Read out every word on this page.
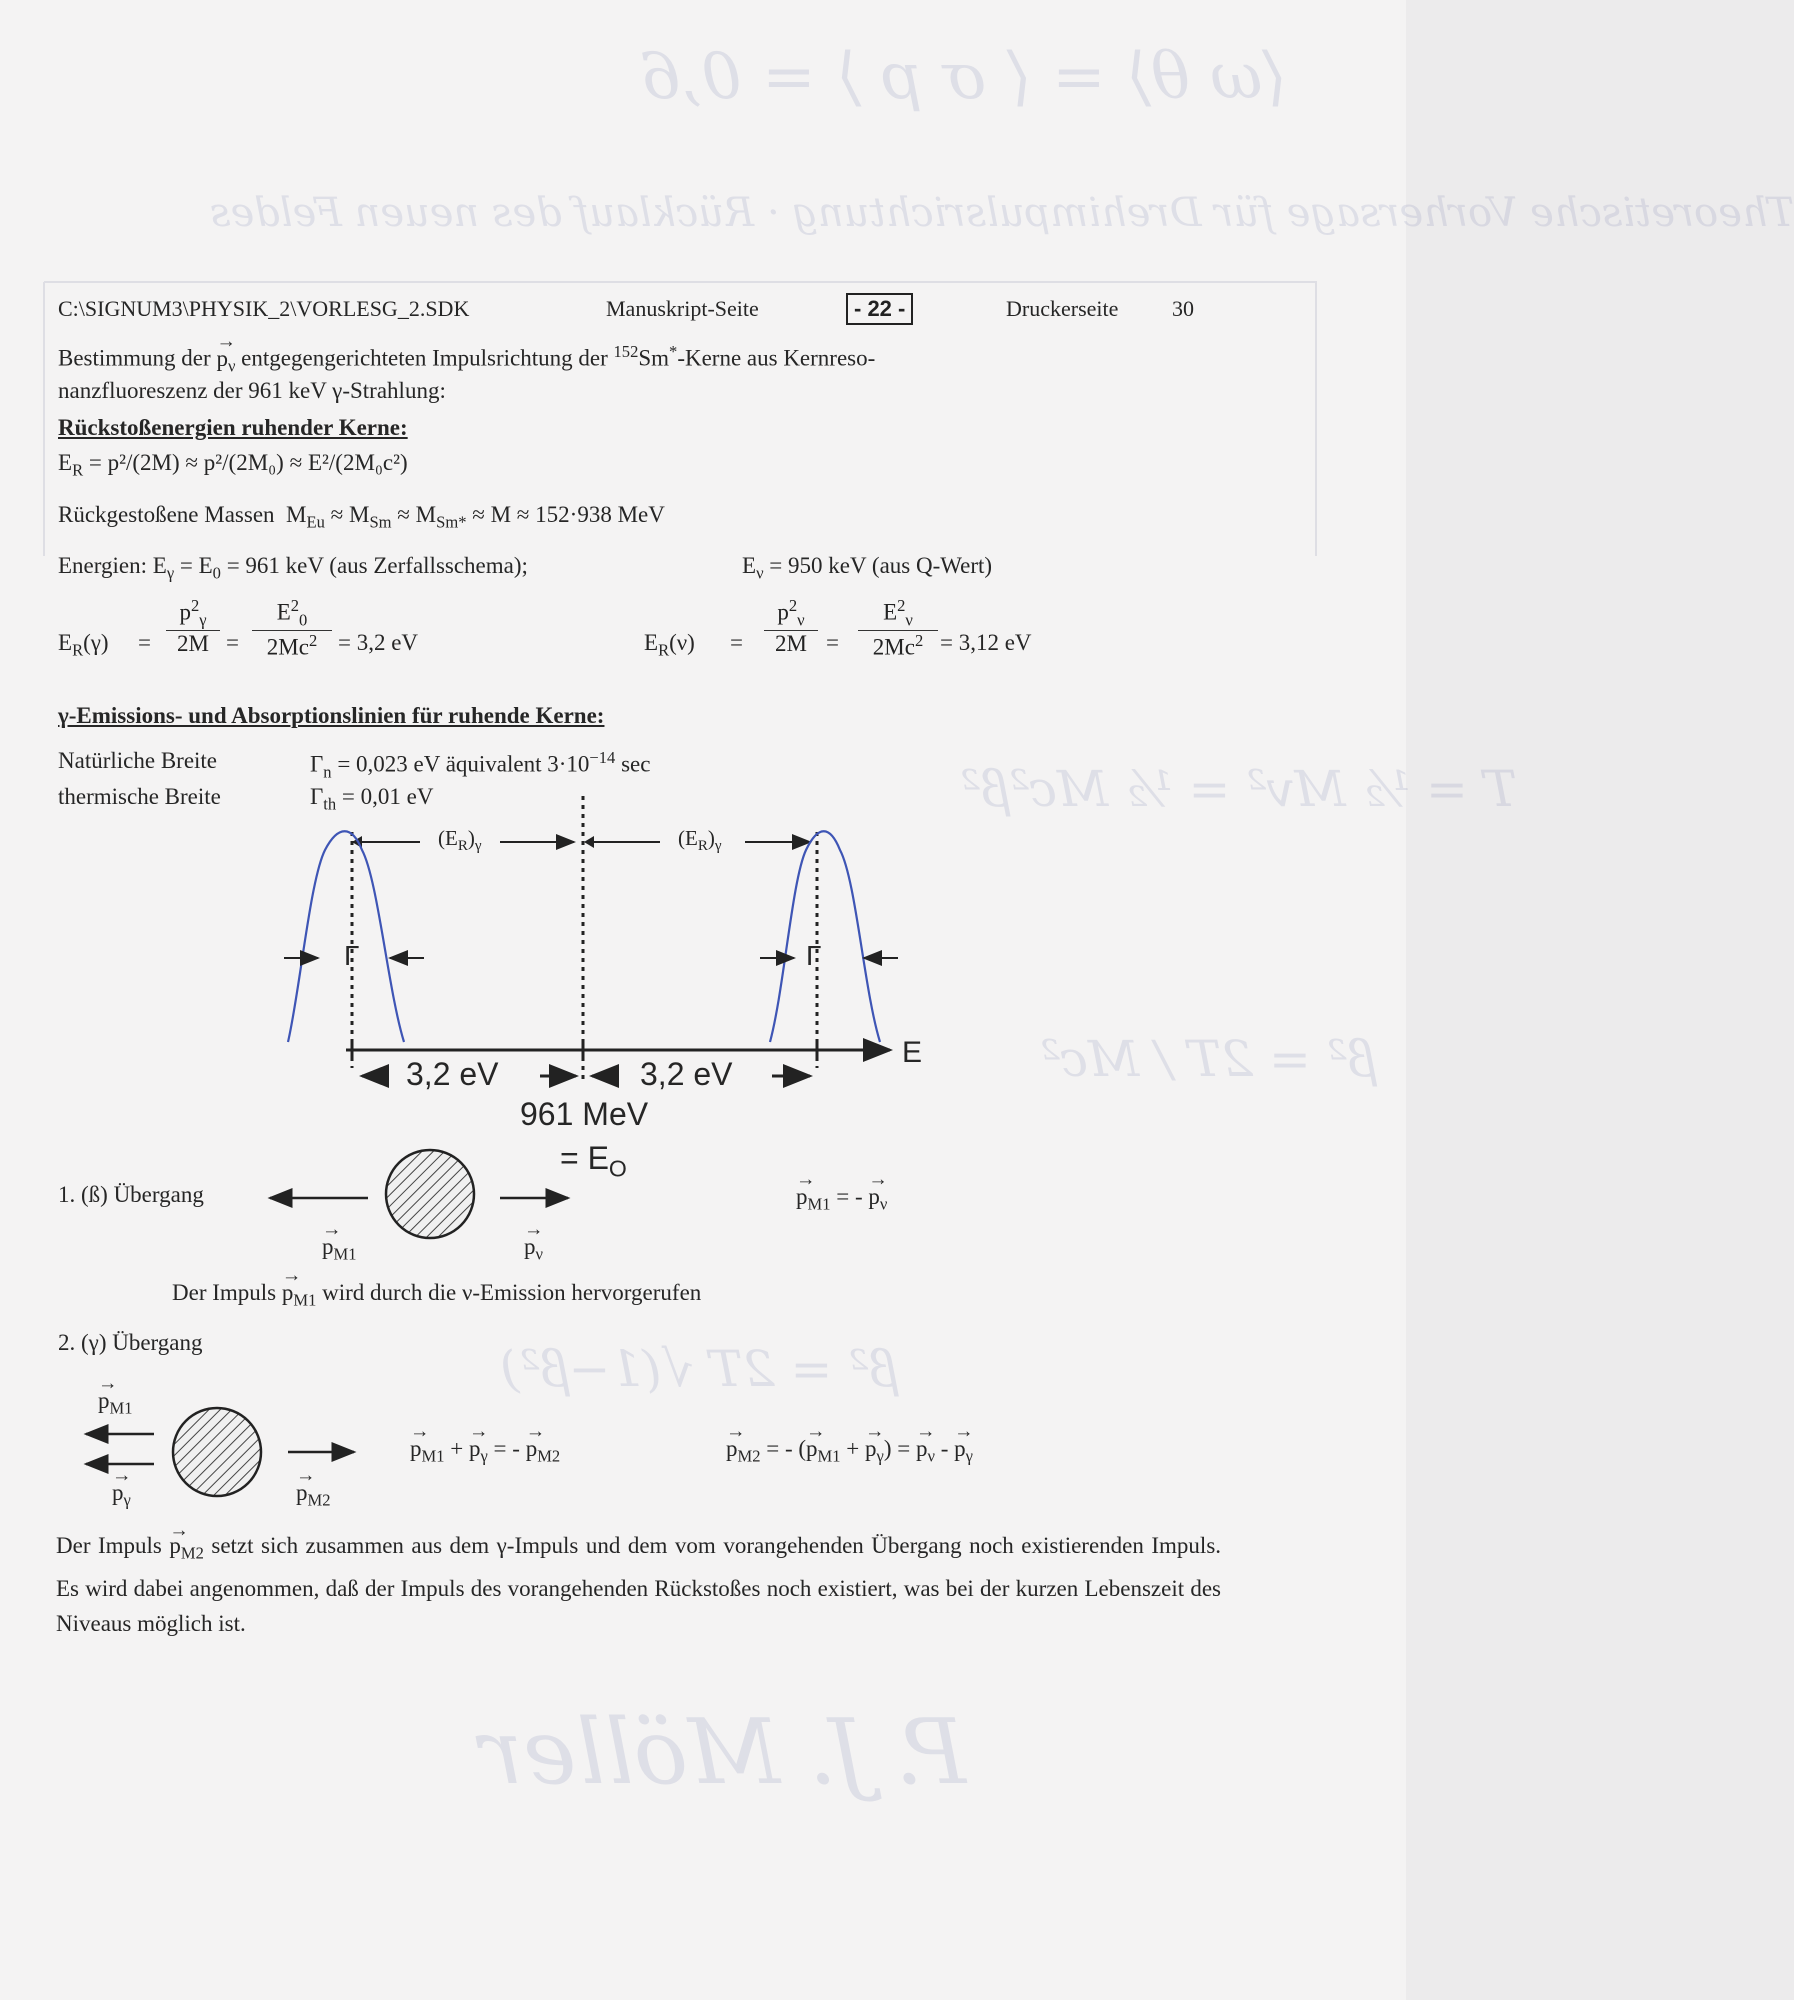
⟨ω θ⟩ = ⟨ σ p ⟩ = 0,6
Theoretische Vorhersage für Drehimpulsrichtung · Rücklauf des neuen Feldes
T = ½ Mv² = ½ Mc²β²
β² = 2T / Mc²
β² = 2T √(1−β²)
P. J. Möller
C:\SIGNUM3\PHYSIK_2\VORLESG_2.SDK	Manuskript-Seite	- 22 -	Druckerseite 30
Bestimmung der → $p_\nu$ entgegengerichteten Impulsrichtung der $^{152}$Sm*-Kerne aus Kernreso-
nanzfluoreszenz der 961 keV γ-Strahlung:
Rückstoßenergien ruhender Kerne:
$E_R = p^2/(2M) \approx p^2/(2M_0) \approx E^2/(2M_0c^2)$
Rückgestoßene Massen $M_{Eu} \approx M_{Sm} \approx M_{Sm*} \approx M \approx 152\cdot 938$ MeV
Energien: $E_\gamma = E_0 = 961$ keV (aus Zerfallsschema);	$E_\nu = 950$ keV (aus Q-Wert)
$E_R(\gamma) = \frac{p^2_\gamma}{2M} = \frac{E^2_0}{2Mc^2} = 3,2$ eV	$E_R(\nu) = \frac{p^2_\nu}{2M} = \frac{E^2_\nu}{2Mc^2} = 3,12$ eV
γ-Emissions- und Absorptionslinien für ruhende Kerne:
Natürliche Breite	$\Gamma_n = 0,023$ eV äquivalent $3\cdot 10^{-14}$ sec
thermische Breite	$\Gamma_{th} = 0,01$ eV
$(E_R)_\gamma$	$(E_R)_\gamma$
Γ	Γ
E
3,2 eV	3,2 eV
961 MeV
= $E_O$
1. (ß) Übergang
→ $p_{M1}$	→ $p_\nu$
→ $p_{M1}$ = - → $p_\nu$
Der Impuls → $p_{M1}$ wird durch die ν-Emission hervorgerufen
2. (γ) Übergang
→ $p_{M1}$
→ $p_\gamma$	→ $p_{M2}$
→ $p_{M1}$ + → $p_\gamma$ = - → $p_{M2}$	→ $p_{M2}$ = - (→ $p_{M1}$ + → $p_\gamma$) = → $p_\nu$ - → $p_\gamma$
Der Impuls → $p_{M2}$ setzt sich zusammen aus dem γ-Impuls und dem vom vorangehenden Übergang noch existierenden Impuls. Es wird dabei angenommen, daß der Impuls des vorangehenden Rückstoßes noch existiert, was bei der kurzen Lebenszeit des Niveaus möglich ist.
